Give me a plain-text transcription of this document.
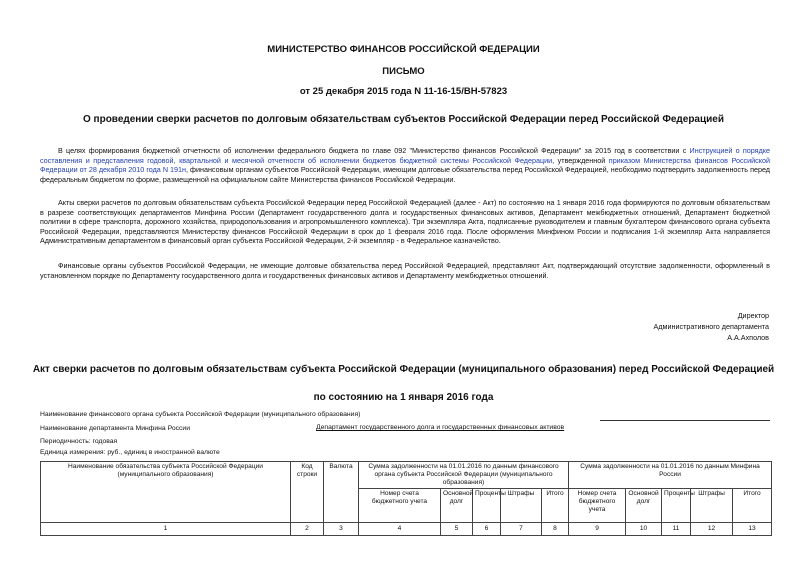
МИНИСТЕРСТВО ФИНАНСОВ РОССИЙСКОЙ ФЕДЕРАЦИИ
ПИСЬМО
от 25 декабря 2015 года N 11-16-15/ВН-57823
О проведении сверки расчетов по долговым обязательствам субъектов Российской Федерации перед Российской Федерацией
В целях формирования бюджетной отчетности об исполнении федерального бюджета по главе 092 "Министерство финансов Российской Федерации" за 2015 год в соответствии с Инструкцией о порядке составления и представления годовой, квартальной и месячной отчетности об исполнении бюджетов бюджетной системы Российской Федерации, утвержденной приказом Министерства финансов Российской Федерации от 28 декабря 2010 года N 191н, финансовым органам субъектов Российской Федерации, имеющим долговые обязательства перед Российской Федерацией, необходимо подтвердить задолженность перед федеральным бюджетом по форме, размещенной на официальном сайте Министерства финансов Российской Федерации.
Акты сверки расчетов по долговым обязательствам субъекта Российской Федерации перед Российской Федерацией (далее - Акт) по состоянию на 1 января 2016 года формируются по долговым обязательствам в разрезе соответствующих департаментов Минфина России (Департамент государственного долга и государственных финансовых активов, Департамент межбюджетных отношений, Департамент бюджетной политики в сфере транспорта, дорожного хозяйства, природопользования и агропромышленного комплекса). Три экземпляра Акта, подписанные руководителем и главным бухгалтером финансового органа субъекта Российской Федерации, представляются Министерству финансов Российской Федерации в срок до 1 февраля 2016 года. После оформления Минфином России и подписания 1-й экземпляр Акта направляется Административным департаментом в финансовый орган субъекта Российской Федерации, 2-й экземпляр - в Федеральное казначейство.
Финансовые органы субъектов Российской Федерации, не имеющие долговые обязательства перед Российской Федерацией, представляют Акт, подтверждающий отсутствие задолженности, оформленный в установленном порядке по Департаменту государственного долга и государственных финансовых активов и Департаменту межбюджетных отношений.
Директор
Административного департамента
А.А.Ахполов
Акт сверки расчетов по долговым обязательствам субъекта Российской Федерации (муниципального образования) перед Российской Федерацией
по состоянию на 1 января 2016 года
Наименование финансового органа субъекта Российской Федерации (муниципального образования)
Наименование департамента Минфина России	Департамент государственного долга и государственных финансовых активов
Периодичность: годовая
Единица измерения: руб., единиц в иностранной валюте
Наименование обязательства субъекта Российской Федерации (муниципального образования)	Код строки	Валюта	Сумма задолженности на 01.01.2016 по данным финансового органа субъекта Российской Федерации (муниципального образования)					Сумма задолженности на 01.01.2016 по данным Минфина России				
			Номер счета бюджетного учета	Основной долг	Проценты	Штрафы	Итого	Номер счета бюджетного учета	Основной долг	Проценты	Штрафы	Итого
1	2	3	4	5	6	7	8	9	10	11	12	13
